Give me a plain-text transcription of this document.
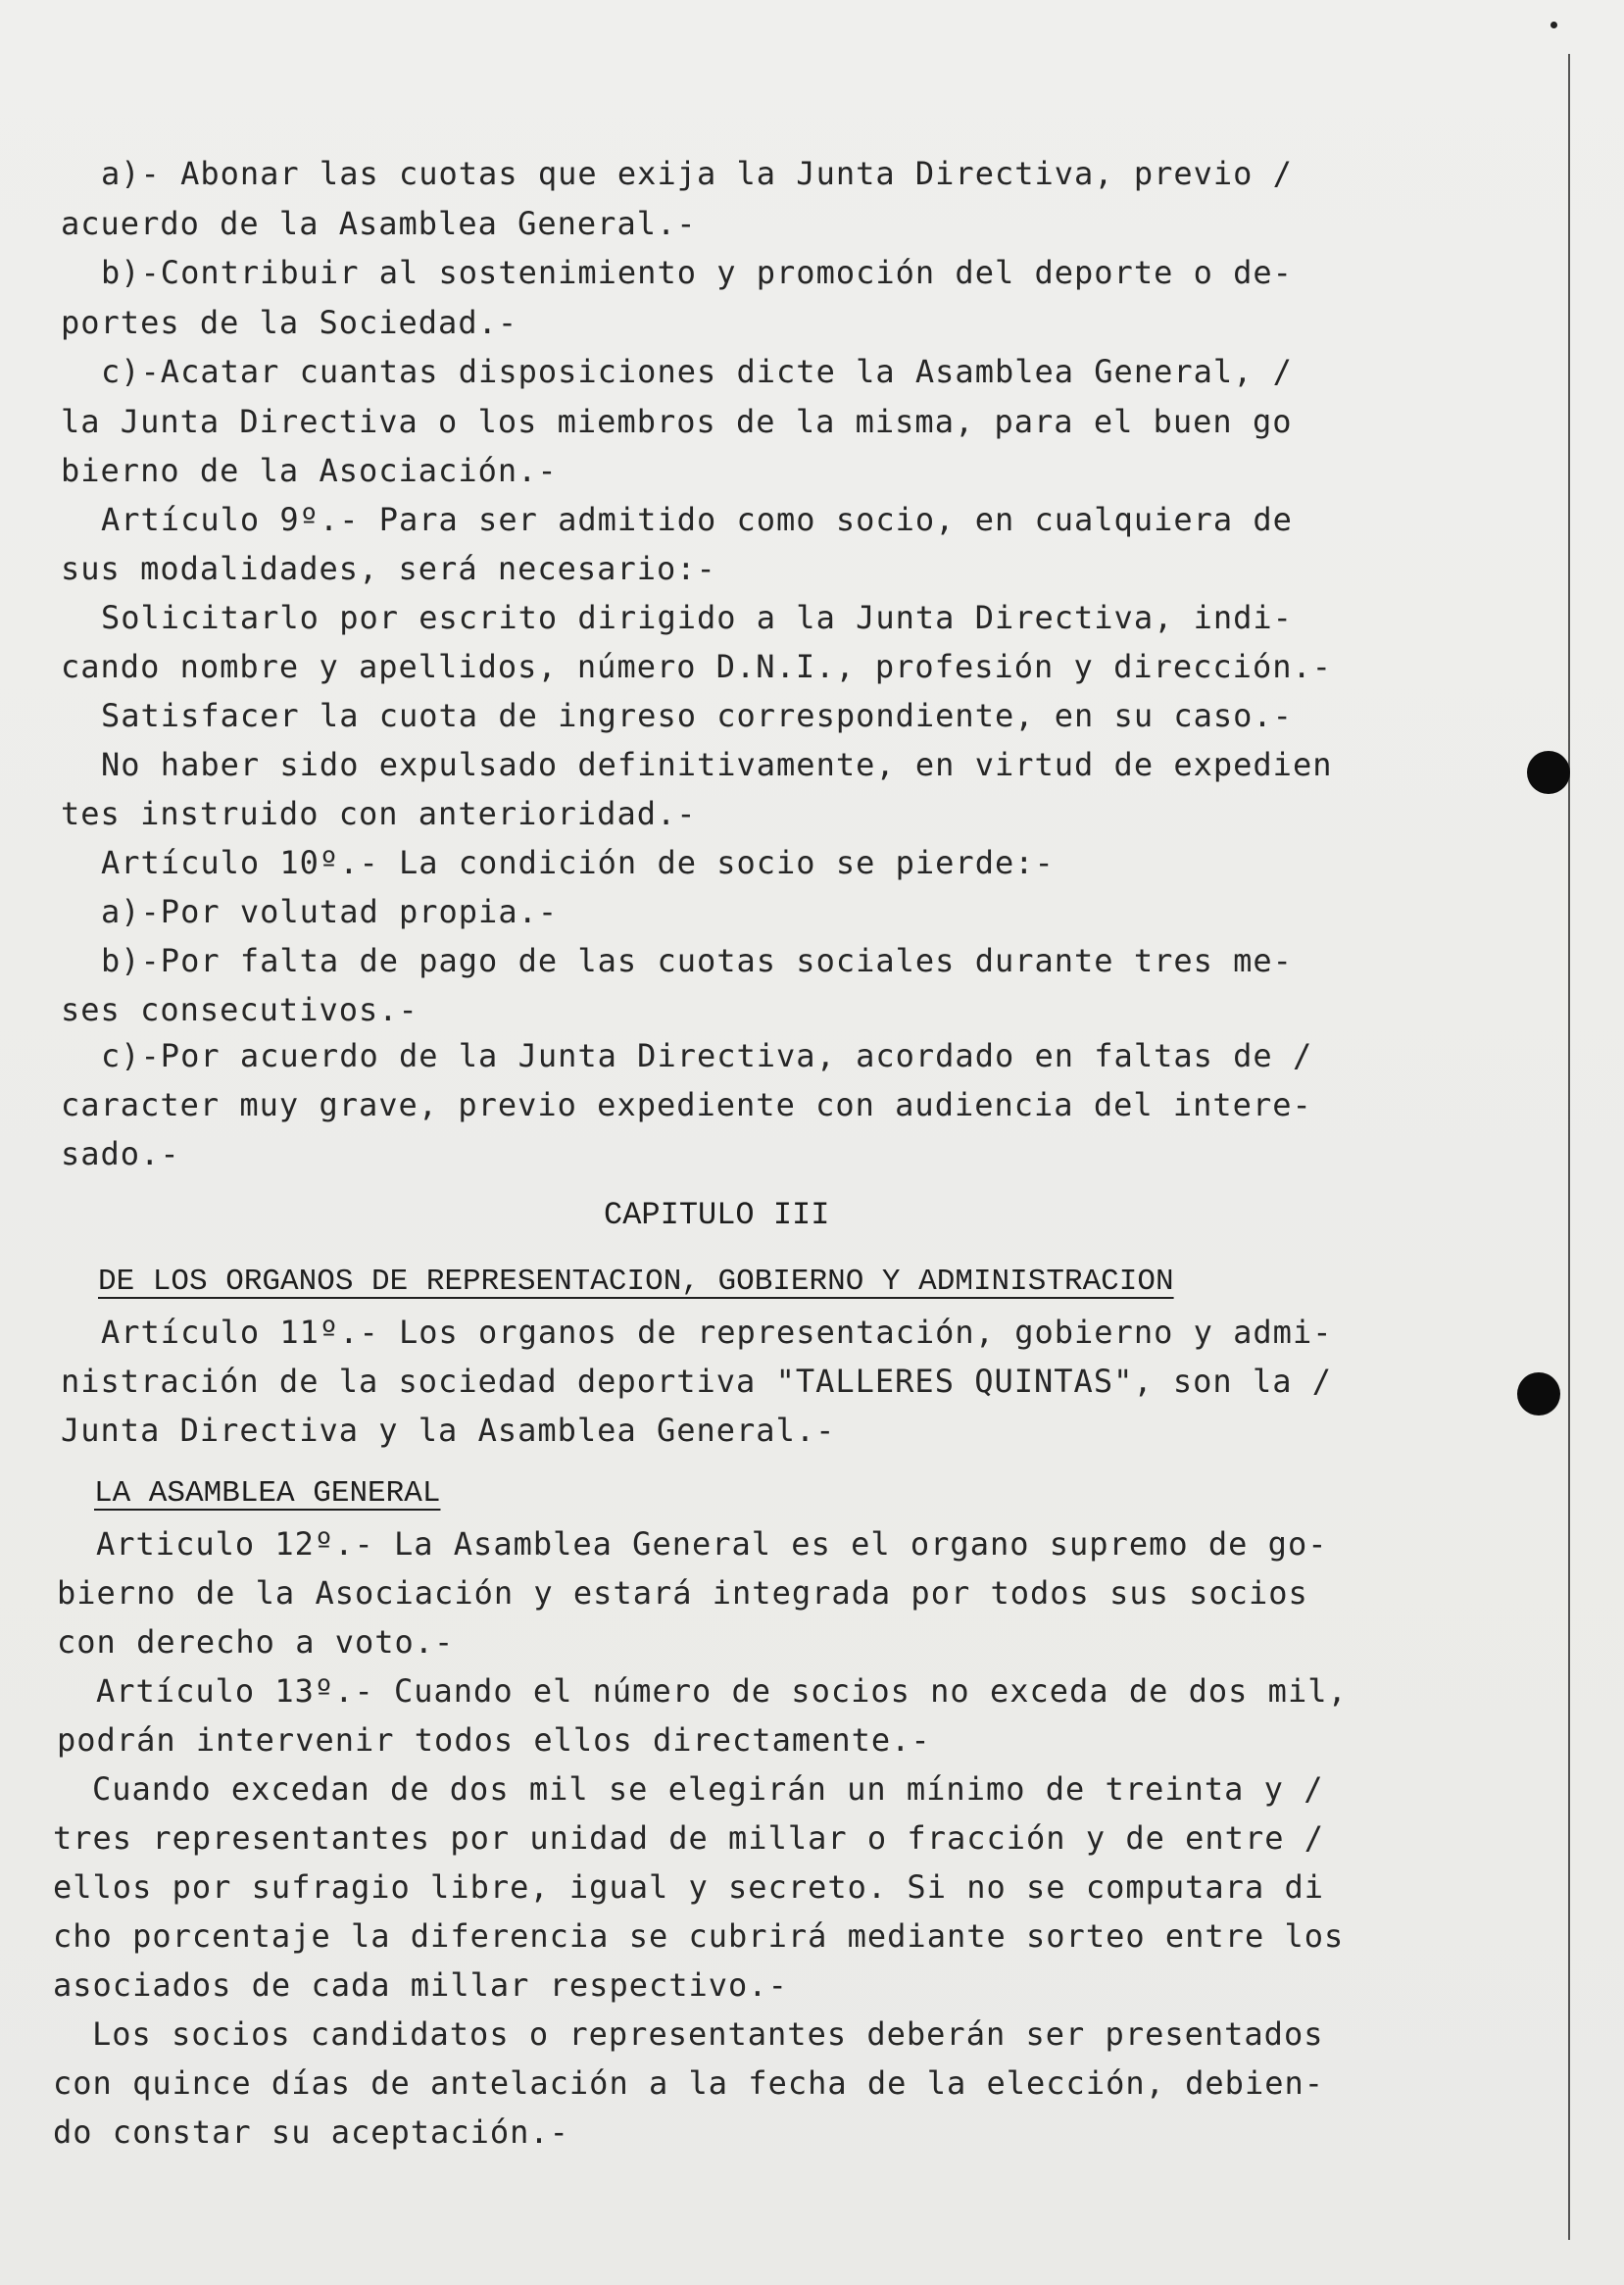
a)- Abonar las cuotas que exija la Junta Directiva, previo /
acuerdo de la Asamblea General.-
b)-Contribuir al sostenimiento y promoción del deporte o de-
portes de la Sociedad.-
c)-Acatar cuantas disposiciones dicte la Asamblea General, /
la Junta Directiva o los miembros de la misma, para el buen go
bierno de la Asociación.-
Artículo 9º.- Para ser admitido como socio, en cualquiera de
sus modalidades, será necesario:-
Solicitarlo por escrito dirigido a la Junta Directiva, indi-
cando nombre y apellidos, número D.N.I., profesión y dirección.-
Satisfacer la cuota de ingreso correspondiente, en su caso.-
No haber sido expulsado definitivamente, en virtud de expedien
tes instruido con anterioridad.-
Artículo 10º.- La condición de socio se pierde:-
a)-Por volutad propia.-
b)-Por falta de pago de las cuotas sociales durante tres me-
ses consecutivos.-
c)-Por acuerdo de la Junta Directiva, acordado en faltas de /
caracter muy grave, previo expediente con audiencia del intere-
sado.-
Artículo 11º.- Los organos de representación, gobierno y admi-
nistración de la sociedad deportiva "TALLERES QUINTAS", son la /
Junta Directiva y la Asamblea General.-
Articulo 12º.- La Asamblea General es el organo supremo de go-
bierno de la Asociación y estará integrada por todos sus socios
con derecho a voto.-
Artículo 13º.- Cuando el número de socios no exceda de dos mil,
podrán intervenir todos ellos directamente.-
Cuando excedan de dos mil se elegirán un mínimo de treinta y /
tres representantes por unidad de millar o fracción y de entre /
ellos por sufragio libre, igual y secreto. Si no se computara di
cho porcentaje la diferencia se cubrirá mediante sorteo entre los
asociados de cada millar respectivo.-
Los socios candidatos o representantes deberán ser presentados
con quince días de antelación a la fecha de la elección, debien-
do constar su aceptación.-
CAPITULO III
DE LOS ORGANOS DE REPRESENTACION, GOBIERNO Y ADMINISTRACION
LA ASAMBLEA GENERAL
